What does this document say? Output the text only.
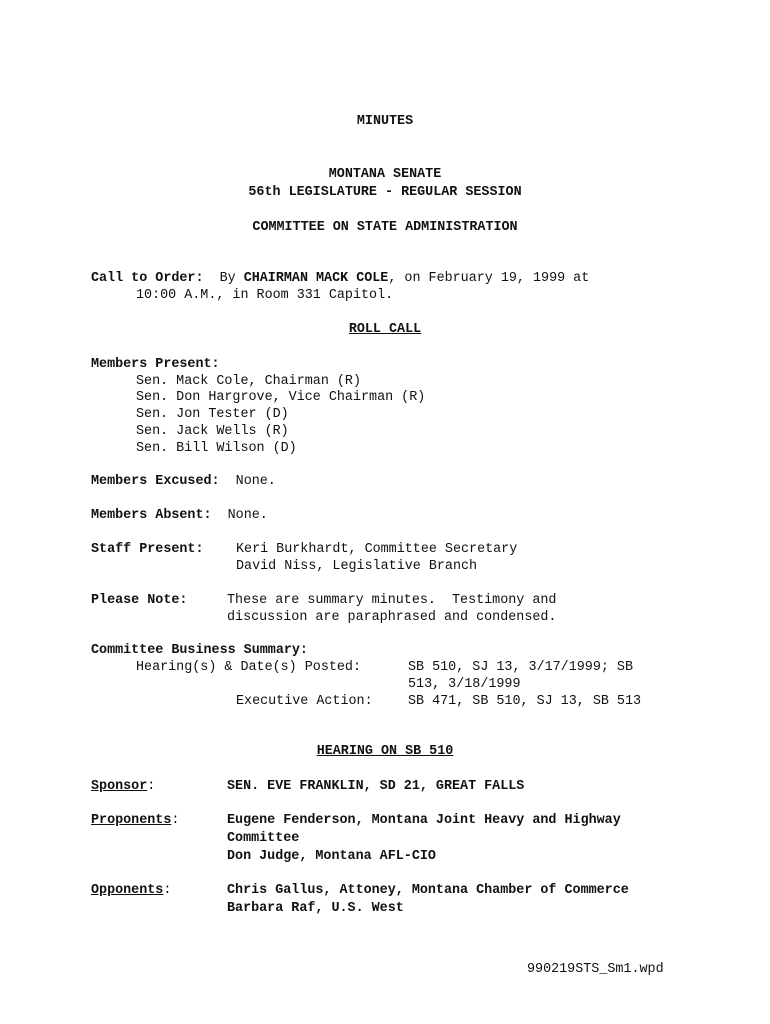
MINUTES
MONTANA SENATE
56th LEGISLATURE - REGULAR SESSION
COMMITTEE ON STATE ADMINISTRATION
Call to Order: By CHAIRMAN MACK COLE, on February 19, 1999 at
10:00 A.M., in Room 331 Capitol.
ROLL CALL
Members Present:
Sen. Mack Cole, Chairman (R)
Sen. Don Hargrove, Vice Chairman (R)
Sen. Jon Tester (D)
Sen. Jack Wells (R)
Sen. Bill Wilson (D)
Members Excused: None.
Members Absent: None.
Staff Present: Keri Burkhardt, Committee Secretary
David Niss, Legislative Branch
Please Note:	These are summary minutes.  Testimony and
discussion are paraphrased and condensed.
Committee Business Summary:
Hearing(s) & Date(s) Posted:	SB 510, SJ 13, 3/17/1999; SB
513, 3/18/1999
Executive Action:	SB 471, SB 510, SJ 13, SB 513
HEARING ON SB 510
Sponsor:	SEN. EVE FRANKLIN, SD 21, GREAT FALLS
Proponents:	Eugene Fenderson, Montana Joint Heavy and Highway
Committee
Don Judge, Montana AFL-CIO
Opponents:	Chris Gallus, Attoney, Montana Chamber of Commerce
Barbara Raf, U.S. West
990219STS_Sm1.wpd
